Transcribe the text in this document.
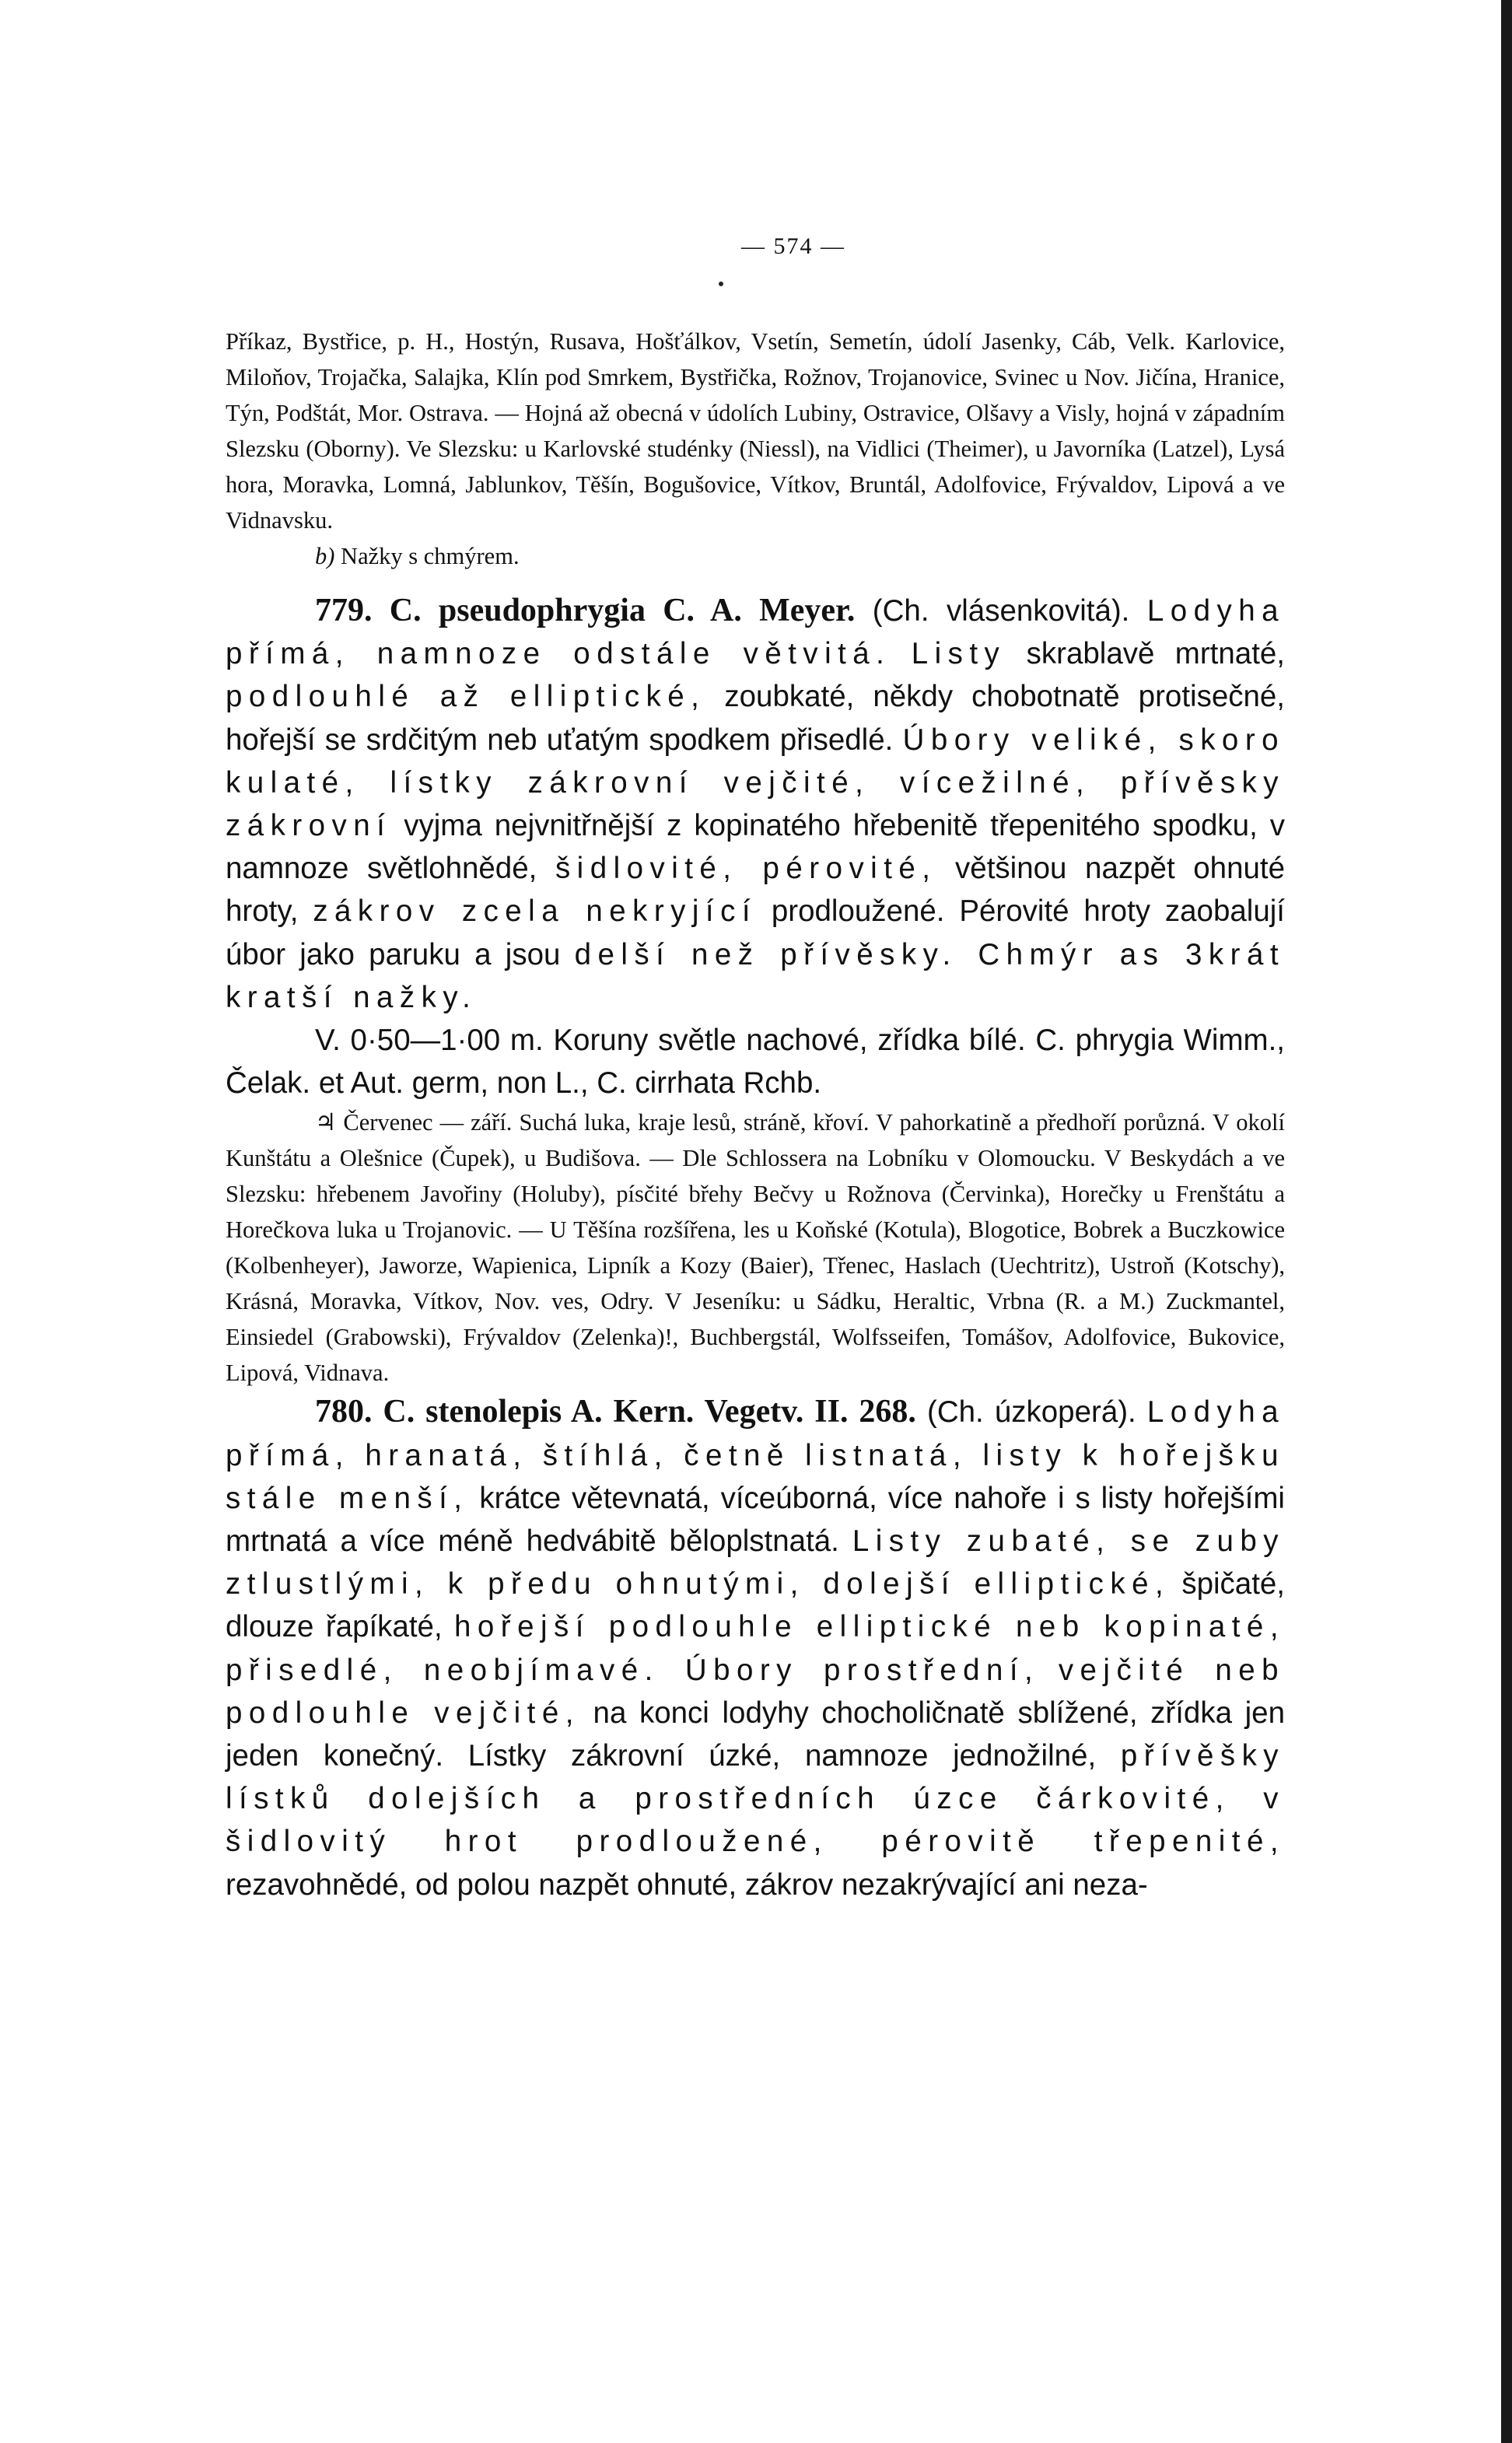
— 574 —

Příkaz, Bystřice, p. H., Hostýn, Rusava, Hošťálkov, Vsetín, Semetín, údolí Jasenky, Cáb, Velk. Karlovice, Miloňov, Trojačka, Salajka, Klín pod Smrkem, Bystřička, Rožnov, Trojanovice, Svinec u Nov. Jičína, Hranice, Týn, Podštát, Mor. Ostrava. — Hojná až obecná v údolích Lubiny, Ostravice, Olšavy a Visly, hojná v západním Slezsku (Oborny). Ve Slezsku: u Karlovské studénky (Niessl), na Vidlici (Theimer), u Javorníka (Latzel), Lysá hora, Moravka, Lomná, Jablunkov, Těšín, Bogušovice, Vítkov, Bruntál, Adolfovice, Frývaldov, Lipová a ve Vidnavsku.

b) Nažky s chmýrem.

779. C. pseudophrygia C. A. Meyer. (Ch. vlásenkovitá). Lodyha přímá, namnoze odstále větvitá. Listy skrablavě mrtnaté, podlouhlé až elliptické, zoubkaté, někdy chobotnatě protisečné, hořejší se srdčitým neb uťatým spodkem přisedlé. Úbory veliké, skoro kulaté, lístky zákrovní vejčité, vícežilné, přívěsky zákrovní vyjma nejvnitřnější z kopinatého hřebenitě třepenitého spodku, v namnoze světlohnědé, šidlovité, pérovité, většinou nazpět ohnuté hroty, zákrov zcela nekryjící prodloužené. Pérovité hroty zaobalují úbor jako paruku a jsou delší než přívěsky. Chmýr as 3krát kratší nažky.

V. 0·50—1·00 m. Koruny světle nachové, zřídka bílé. C. phrygia Wimm., Čelak. et Aut. germ, non L., C. cirrhata Rchb.

♃ Červenec — září. Suchá luka, kraje lesů, stráně, křoví. V pahorkatině a předhoří porůzná. V okolí Kunštátu a Olešnice (Čupek), u Budišova. — Dle Schlossera na Lobníku v Olomoucku. V Beskydách a ve Slezsku: hřebenem Javořiny (Holuby), písčité břehy Bečvy u Rožnova (Červinka), Horečky u Frenštátu a Horečkova luka u Trojanovic. — U Těšína rozšířena, les u Koňské (Kotula), Blogotice, Bobrek a Buczkowice (Kolbenheyer), Jaworze, Wapienica, Lipník a Kozy (Baier), Třenec, Haslach (Uechtritz), Ustroň (Kotschy), Krásná, Moravka, Vítkov, Nov. ves, Odry. V Jeseníku: u Sádku, Heraltic, Vrbna (R. a M.) Zuckmantel, Einsiedel (Grabowski), Frývaldov (Zelenka)!, Buchbergstál, Wolfsseifen, Tomášov, Adolfovice, Bukovice, Lipová, Vidnava.

780. C. stenolepis A. Kern. Vegetv. II. 268. (Ch. úzkoperá). Lodyha přímá, hranatá, štíhlá, četně listnatá, listy k hořejšku stále menší, krátce větevnatá, víceúborná, více nahoře i s listy hořejšími mrtnatá a více méně hedvábitě běloplstnatá. Listy zubaté, se zuby ztlustlými, k předu ohnutými, dolejší elliptické, špičaté, dlouze řapíkaté, hořejší podlouhle elliptické neb kopinaté, přisedlé, neobjímavé. Úbory prostřední, vejčité neb podlouhle vejčité, na konci lodyhy chocholičnatě sblížené, zřídka jen jeden konečný. Lístky zákrovní úzké, namnoze jednožilné, přívěšky lístků dolejších a prostředních úzce čárkovité, v šidlovitý hrot prodloužené, pérovitě třepenité, rezavohnědé, od polou nazpět ohnuté, zákrov nezakrývající ani neza-
